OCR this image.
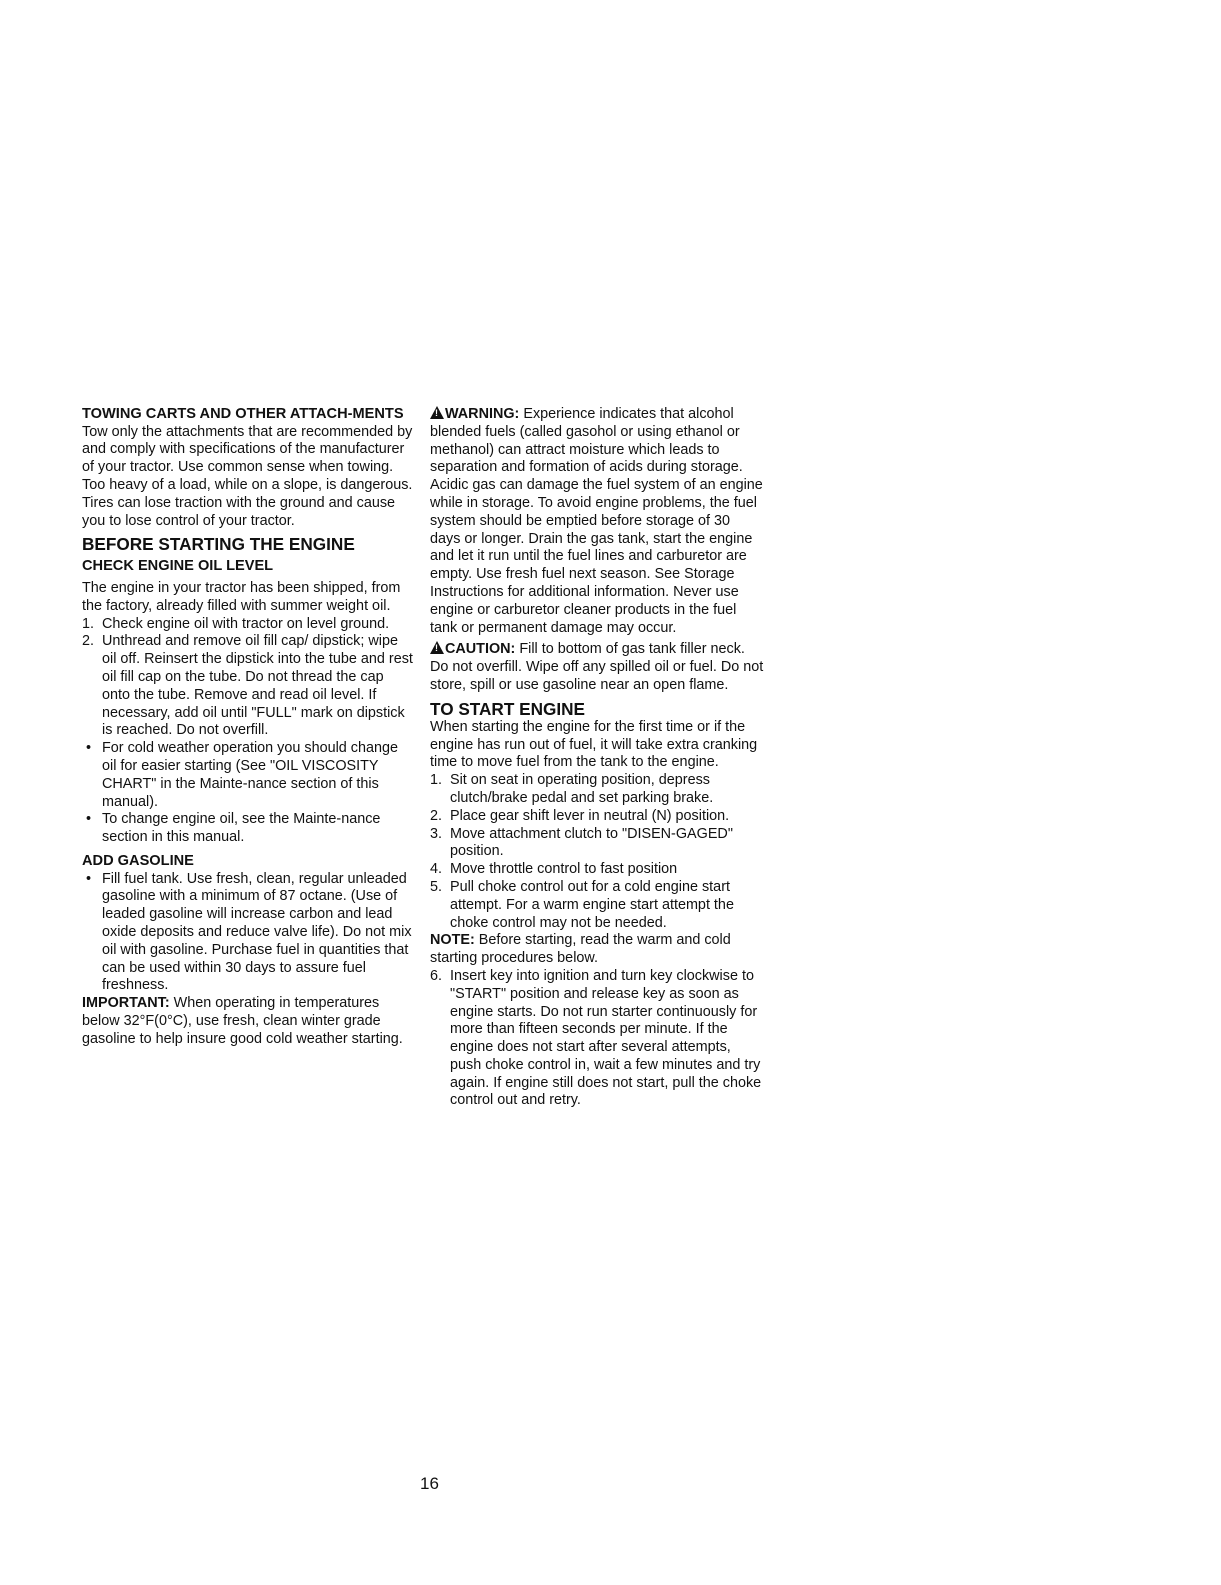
TOWING CARTS AND OTHER ATTACH-MENTS

Tow only the attachments that are recommended by and comply with specifications of the manufacturer of your tractor. Use common sense when towing. Too heavy of a load, while on a slope, is dangerous. Tires can lose traction with the ground and cause you to lose control of your tractor.

BEFORE STARTING THE ENGINE
CHECK ENGINE OIL LEVEL

The engine in your tractor has been shipped, from the factory, already filled with summer weight oil.

1. Check engine oil with tractor on level ground.
2. Unthread and remove oil fill cap/ dipstick; wipe oil off. Reinsert the dipstick into the tube and rest oil fill cap on the tube. Do not thread the cap onto the tube. Remove and read oil level. If necessary, add oil until "FULL" mark on dipstick is reached. Do not overfill.
• For cold weather operation you should change oil for easier starting (See "OIL VISCOSITY CHART" in the Mainte-nance section of this manual).
• To change engine oil, see the Mainte-nance section in this manual.
ADD GASOLINE
• Fill fuel tank. Use fresh, clean, regular unleaded gasoline with a minimum of 87 octane. (Use of leaded gasoline will increase carbon and lead oxide deposits and reduce valve life). Do not mix oil with gasoline. Purchase fuel in quantities that can be used within 30 days to assure fuel freshness.

IMPORTANT: When operating in temperatures below 32°F(0°C), use fresh, clean winter grade gasoline to help insure good cold weather starting.

!WARNING: Experience indicates that alcohol blended fuels (called gasohol or using ethanol or methanol) can attract moisture which leads to separation and formation of acids during storage. Acidic gas can damage the fuel system of an engine while in storage. To avoid engine problems, the fuel system should be emptied before storage of 30 days or longer. Drain the gas tank, start the engine and let it run until the fuel lines and carburetor are empty. Use fresh fuel next season. See Storage Instructions for additional information. Never use engine or carburetor cleaner products in the fuel tank or permanent damage may occur.

!CAUTION: Fill to bottom of gas tank filler neck. Do not overfill. Wipe off any spilled oil or fuel. Do not store, spill or use gasoline near an open flame.

TO START ENGINE

When starting the engine for the first time or if the engine has run out of fuel, it will take extra cranking time to move fuel from the tank to the engine.

1. Sit on seat in operating position, depress clutch/brake pedal and set parking brake.
2. Place gear shift lever in neutral (N) position.
3. Move attachment clutch to "DISEN-GAGED" position.
4. Move throttle control to fast position
5. Pull choke control out for a cold engine start attempt. For a warm engine start attempt the choke control may not be needed.

NOTE: Before starting, read the warm and cold starting procedures below.

6. Insert key into ignition and turn key clockwise to "START" position and release key as soon as engine starts. Do not run starter continuously for more than fifteen seconds per minute. If the engine does not start after several attempts, push choke control in, wait a few minutes and try again. If engine still does not start, pull the choke control out and retry.
16
